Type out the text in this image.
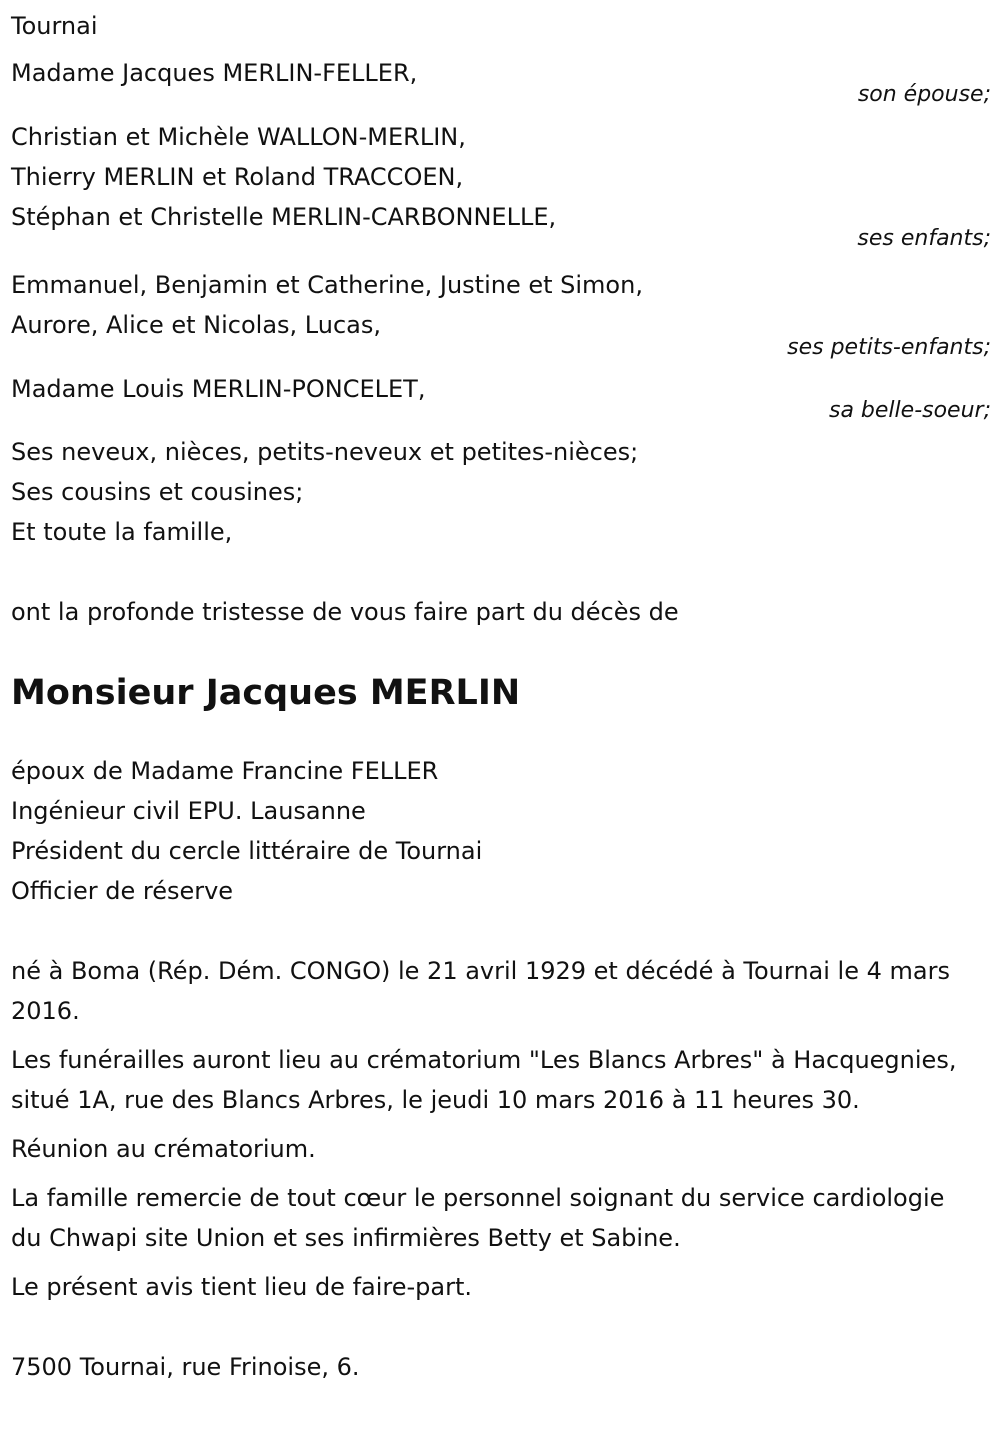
Tournai

Madame Jacques MERLIN-FELLER,

son épouse;

Christian et Michèle WALLON-MERLIN,

Thierry MERLIN et Roland TRACCOEN,

Stéphan et Christelle MERLIN-CARBONNELLE,

ses enfants;

Emmanuel, Benjamin et Catherine, Justine et Simon,

Aurore, Alice et Nicolas, Lucas,

ses petits-enfants;

Madame Louis MERLIN-PONCELET,

sa belle-soeur;

Ses neveux, nièces, petits-neveux et petites-nièces;

Ses cousins et cousines;

Et toute la famille,

ont la profonde tristesse de vous faire part du décès de

Monsieur Jacques MERLIN

époux de Madame Francine FELLER

Ingénieur civil EPU. Lausanne

Président du cercle littéraire de Tournai

Officier de réserve

né à Boma (Rép. Dém. CONGO) le 21 avril 1929 et décédé à Tournai le 4 mars 2016.

Les funérailles auront lieu au crématorium "Les Blancs Arbres" à Hacquegnies, situé 1A, rue des Blancs Arbres, le jeudi 10 mars 2016 à 11 heures 30.

Réunion au crématorium.

La famille remercie de tout cœur le personnel soignant du service cardiologie du Chwapi site Union et ses infirmières Betty et Sabine.

Le présent avis tient lieu de faire-part.

7500 Tournai, rue Frinoise, 6.
